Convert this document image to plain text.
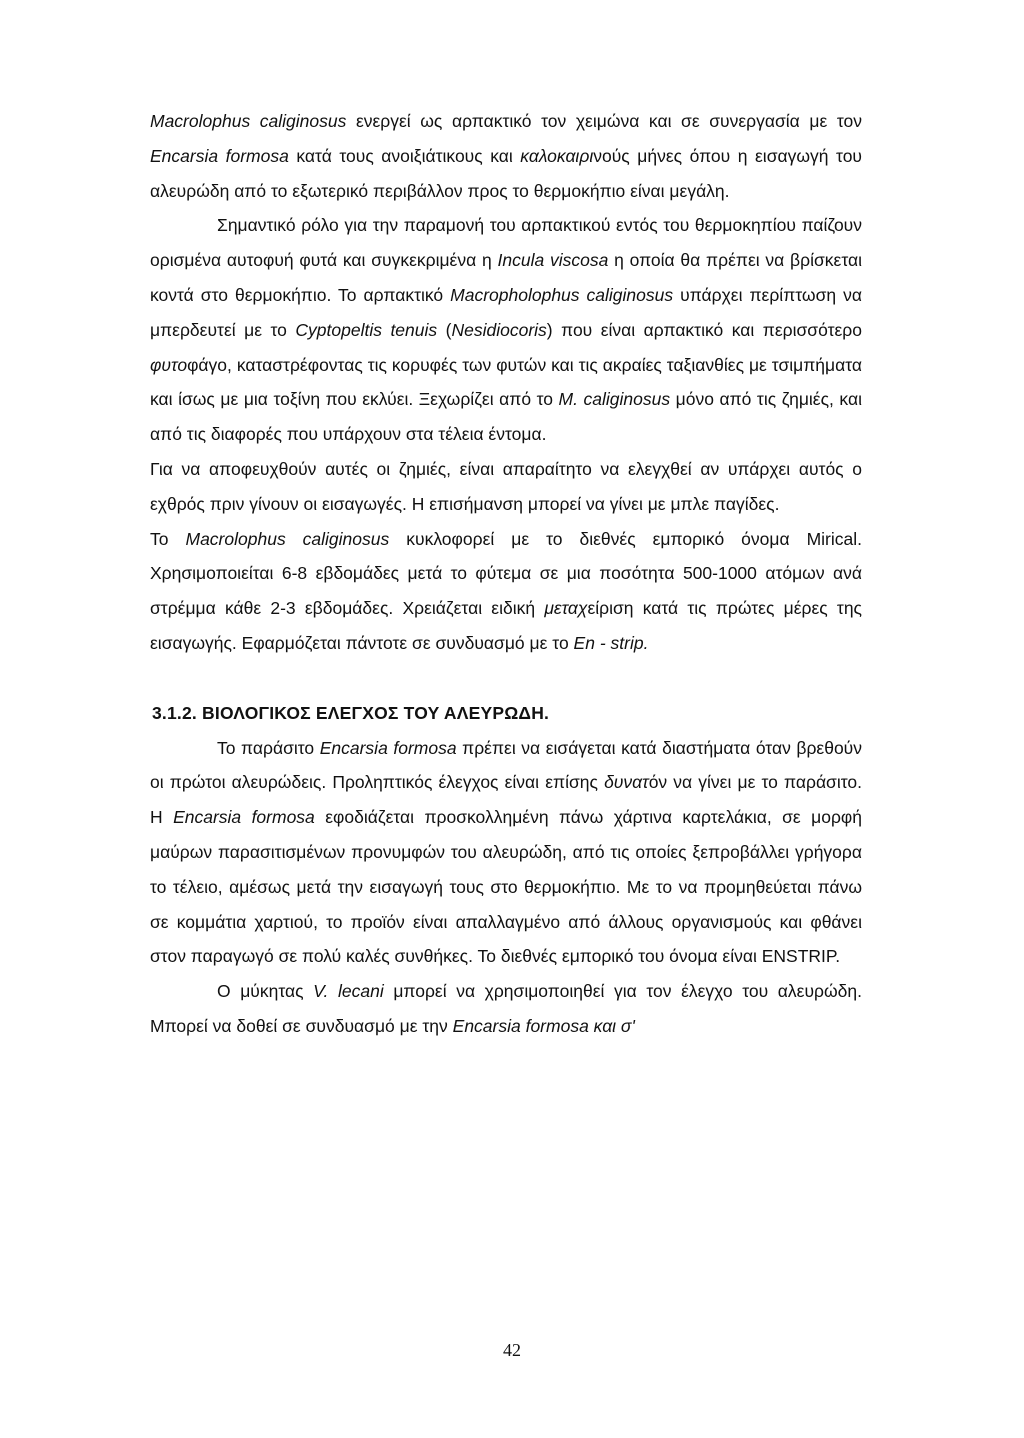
Macrolophus caliginosus ενεργεί ως αρπακτικό τον χειμώνα και σε συνεργασία με τον Encarsia formosa κατά τους ανοιξιάτικους και καλοκαιρινούς μήνες όπου η εισαγωγή του αλευρώδη από το εξωτερικό περιβάλλον προς το θερμοκήπιο είναι μεγάλη.

Σημαντικό ρόλο για την παραμονή του αρπακτικού εντός του θερμοκηπίου παίζουν ορισμένα αυτοφυή φυτά και συγκεκριμένα η Incula viscosa η οποία θα πρέπει να βρίσκεται κοντά στο θερμοκήπιο. Το αρπακτικό Macropholophus caliginosus υπάρχει περίπτωση να μπερδευτεί με το Cyptopeltis tenuis (Nesidiocoris) που είναι αρπακτικό και περισσότερο φυτοφάγο, καταστρέφοντας τις κορυφές των φυτών και τις ακραίες ταξιανθίες με τσιμπήματα και ίσως με μια τοξίνη που εκλύει. Ξεχωρίζει από το M. caliginosus μόνο από τις ζημιές, και από τις διαφορές που υπάρχουν στα τέλεια έντομα.

Για να αποφευχθούν αυτές οι ζημιές, είναι απαραίτητο να ελεγχθεί αν υπάρχει αυτός ο εχθρός πριν γίνουν οι εισαγωγές. Η επισήμανση μπορεί να γίνει με μπλε παγίδες.

Το Macrolophus caliginosus κυκλοφορεί με το διεθνές εμπορικό όνομα Mirical. Χρησιμοποιείται 6-8 εβδομάδες μετά το φύτεμα σε μια ποσότητα 500-1000 ατόμων ανά στρέμμα κάθε 2-3 εβδομάδες. Χρειάζεται ειδική μεταχείριση κατά τις πρώτες μέρες της εισαγωγής. Εφαρμόζεται πάντοτε σε συνδυασμό με το En - strip.

3.1.2. ΒΙΟΛΟΓΙΚΟΣ ΕΛΕΓΧΟΣ ΤΟΥ ΑΛΕΥΡΩΔΗ.

Το παράσιτο Encarsia formosa πρέπει να εισάγεται κατά διαστήματα όταν βρεθούν οι πρώτοι αλευρώδεις. Προληπτικός έλεγχος είναι επίσης δυνατόν να γίνει με το παράσιτο. Η Encarsia formosa εφοδιάζεται προσκολλημένη πάνω χάρτινα καρτελάκια, σε μορφή μαύρων παρασιτισμένων προνυμφών του αλευρώδη, από τις οποίες ξεπροβάλλει γρήγορα το τέλειο, αμέσως μετά την εισαγωγή τους στο θερμοκήπιο. Με το να προμηθεύεται πάνω σε κομμάτια χαρτιού, το προϊόν είναι απαλλαγμένο από άλλους οργανισμούς και φθάνει στον παραγωγό σε πολύ καλές συνθήκες. Το διεθνές εμπορικό του όνομα είναι ENSTRIP.

Ο μύκητας V. lecani μπορεί να χρησιμοποιηθεί για τον έλεγχο του αλευρώδη. Μπορεί να δοθεί σε συνδυασμό με την Encarsia formosa και σ'

42
